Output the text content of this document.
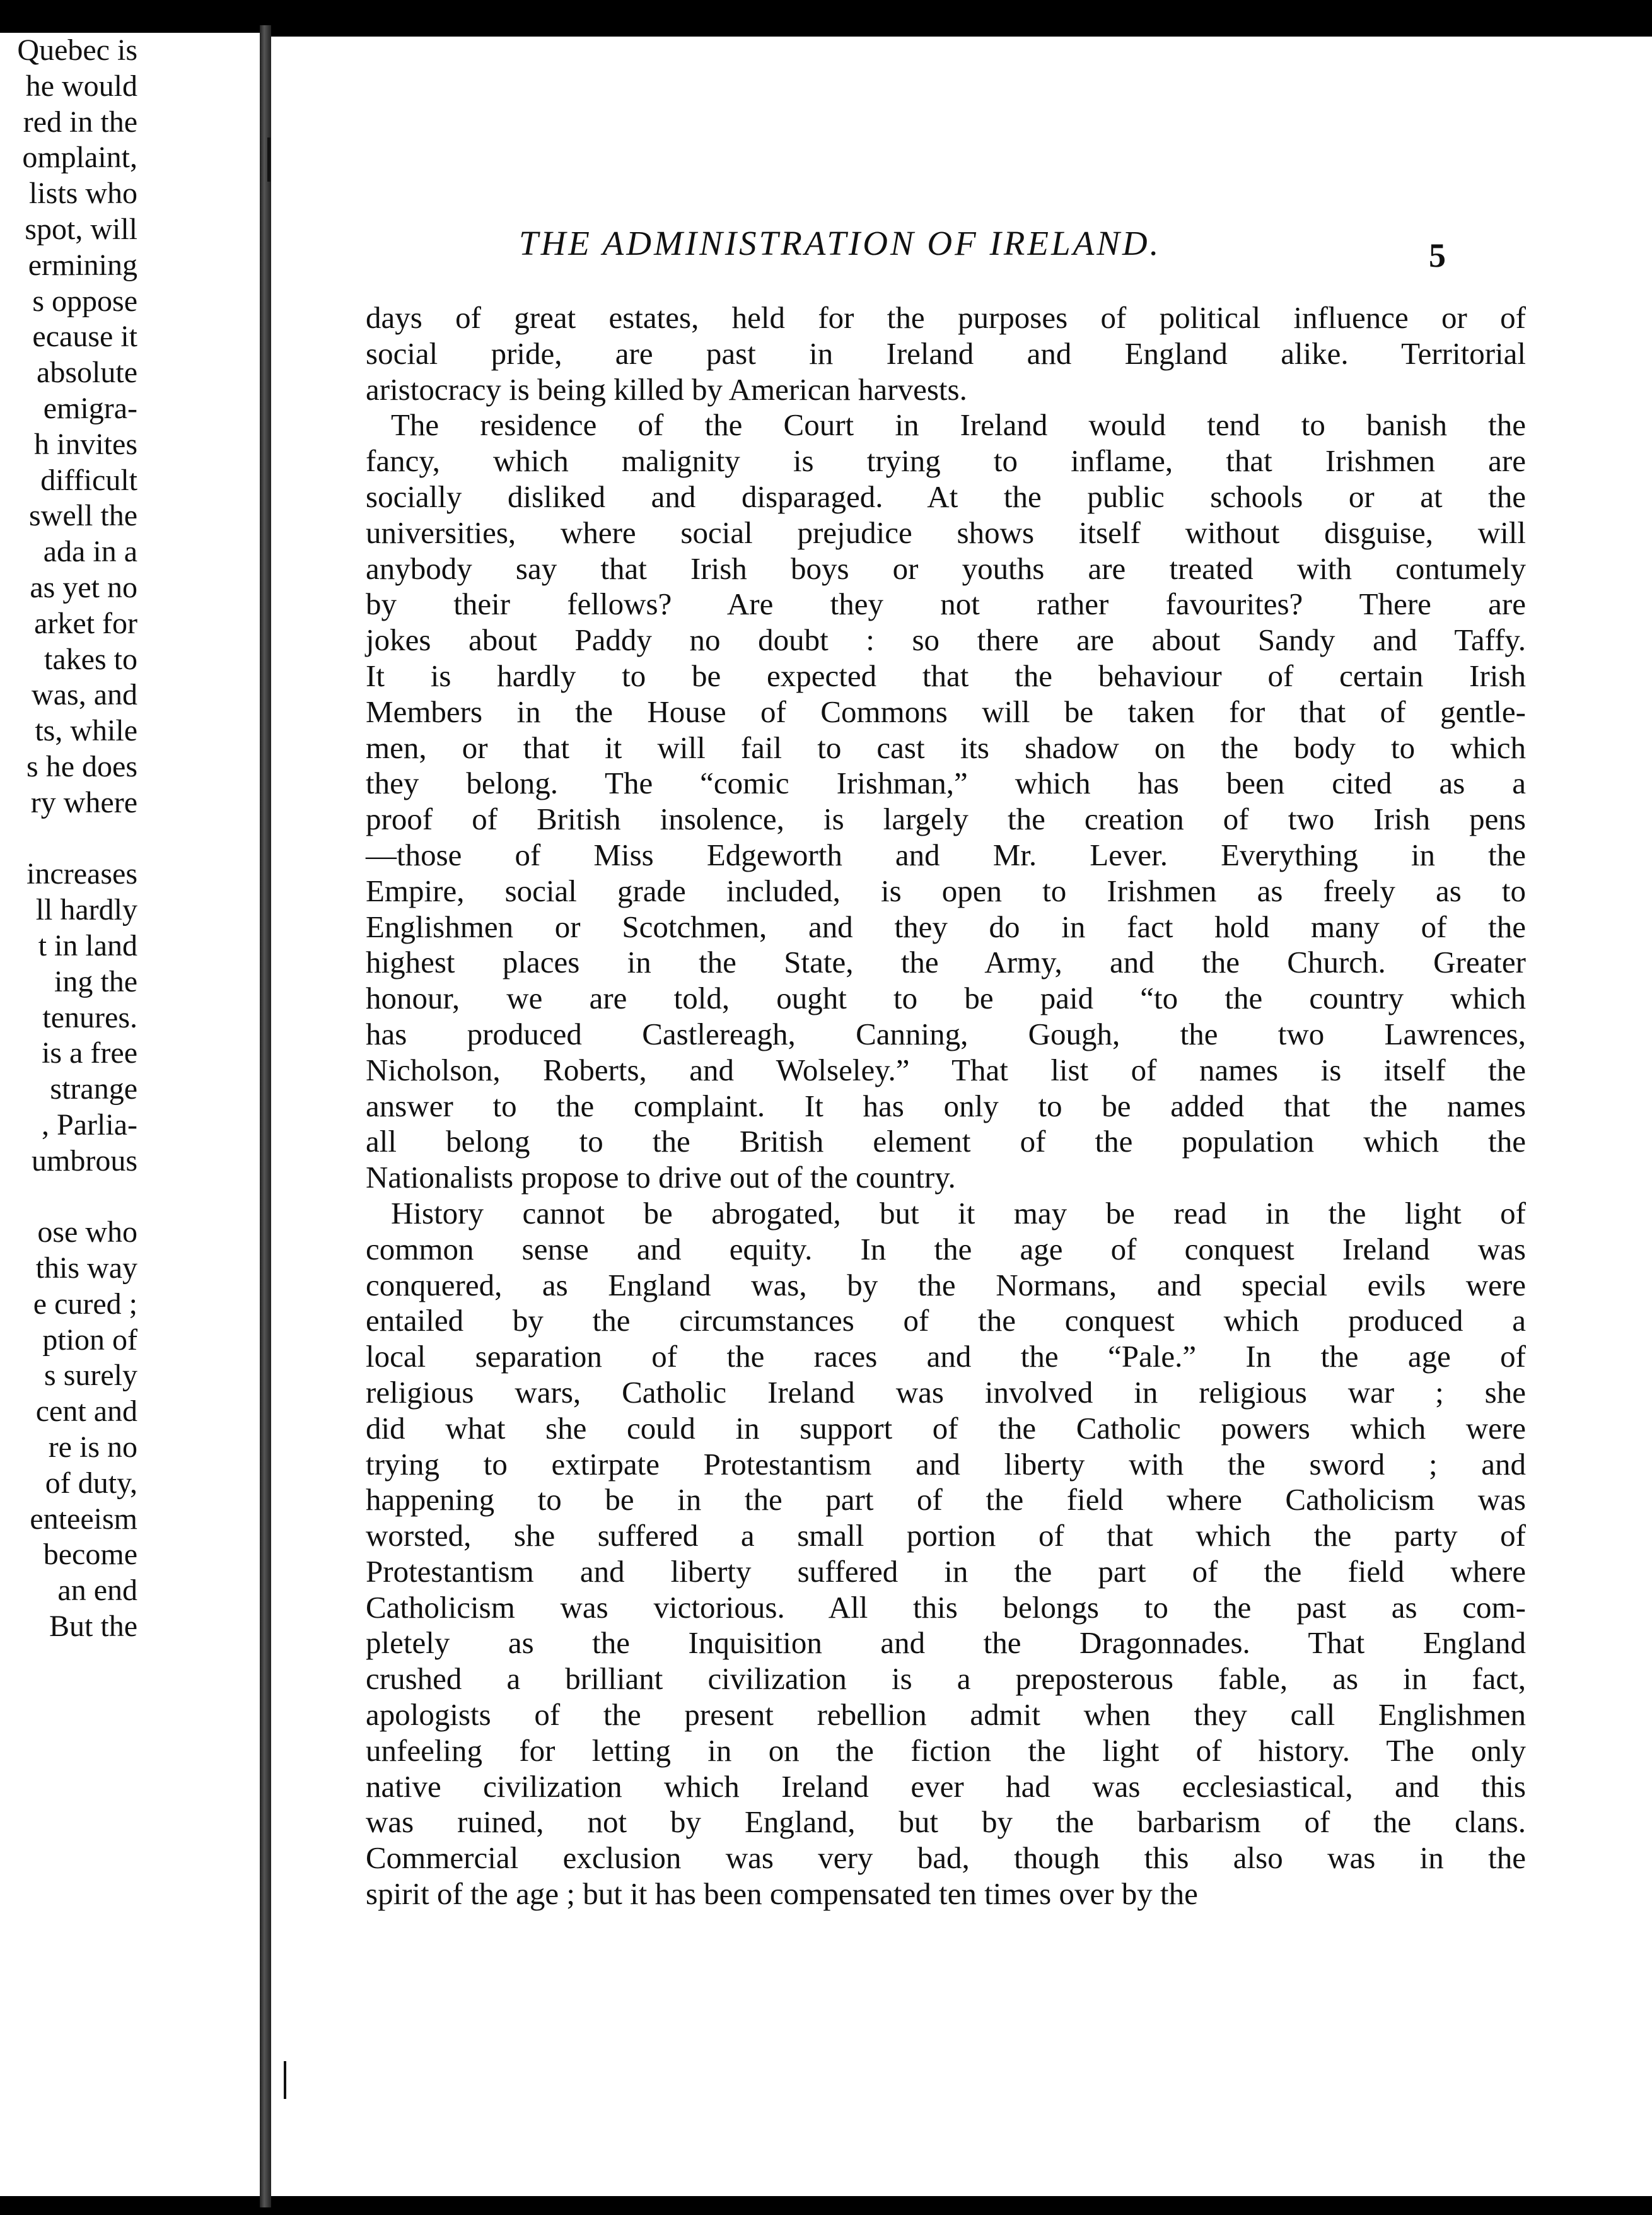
Quebec is
he would
red in the
omplaint,
lists who
spot, will
ermining
s oppose
ecause it
absolute
emigra-
h invites
difficult
swell the
ada in a
as yet no
arket for
takes to
was, and
ts, while
s he does
ry where
increases
ll hardly
t in land
ing the
tenures.
is a free
strange
, Parlia-
umbrous
ose who
this way
e cured ;
ption of
s surely
cent and
re is no
of duty,
enteeism
become
an end
But the
THE ADMINISTRATION OF IRELAND.	5
days of great estates, held for the purposes of political influence or of
social pride, are past in Ireland and England alike. Territorial
aristocracy is being killed by American harvests.
The residence of the Court in Ireland would tend to banish the
fancy, which malignity is trying to inflame, that Irishmen are
socially disliked and disparaged. At the public schools or at the
universities, where social prejudice shows itself without disguise, will
anybody say that Irish boys or youths are treated with contumely
by their fellows? Are they not rather favourites? There are
jokes about Paddy no doubt : so there are about Sandy and Taffy.
It is hardly to be expected that the behaviour of certain Irish
Members in the House of Commons will be taken for that of gentle-
men, or that it will fail to cast its shadow on the body to which
they belong. The “comic Irishman,” which has been cited as a
proof of British insolence, is largely the creation of two Irish pens
—those of Miss Edgeworth and Mr. Lever. Everything in the
Empire, social grade included, is open to Irishmen as freely as to
Englishmen or Scotchmen, and they do in fact hold many of the
highest places in the State, the Army, and the Church. Greater
honour, we are told, ought to be paid “to the country which
has produced Castlereagh, Canning, Gough, the two Lawrences,
Nicholson, Roberts, and Wolseley.” That list of names is itself the
answer to the complaint. It has only to be added that the names
all belong to the British element of the population which the
Nationalists propose to drive out of the country.
History cannot be abrogated, but it may be read in the light of
common sense and equity. In the age of conquest Ireland was
conquered, as England was, by the Normans, and special evils were
entailed by the circumstances of the conquest which produced a
local separation of the races and the “Pale.” In the age of
religious wars, Catholic Ireland was involved in religious war ; she
did what she could in support of the Catholic powers which were
trying to extirpate Protestantism and liberty with the sword ; and
happening to be in the part of the field where Catholicism was
worsted, she suffered a small portion of that which the party of
Protestantism and liberty suffered in the part of the field where
Catholicism was victorious. All this belongs to the past as com-
pletely as the Inquisition and the Dragonnades. That England
crushed a brilliant civilization is a preposterous fable, as in fact,
apologists of the present rebellion admit when they call Englishmen
unfeeling for letting in on the fiction the light of history. The only
native civilization which Ireland ever had was ecclesiastical, and this
was ruined, not by England, but by the barbarism of the clans.
Commercial exclusion was very bad, though this also was in the
spirit of the age ; but it has been compensated ten times over by the
